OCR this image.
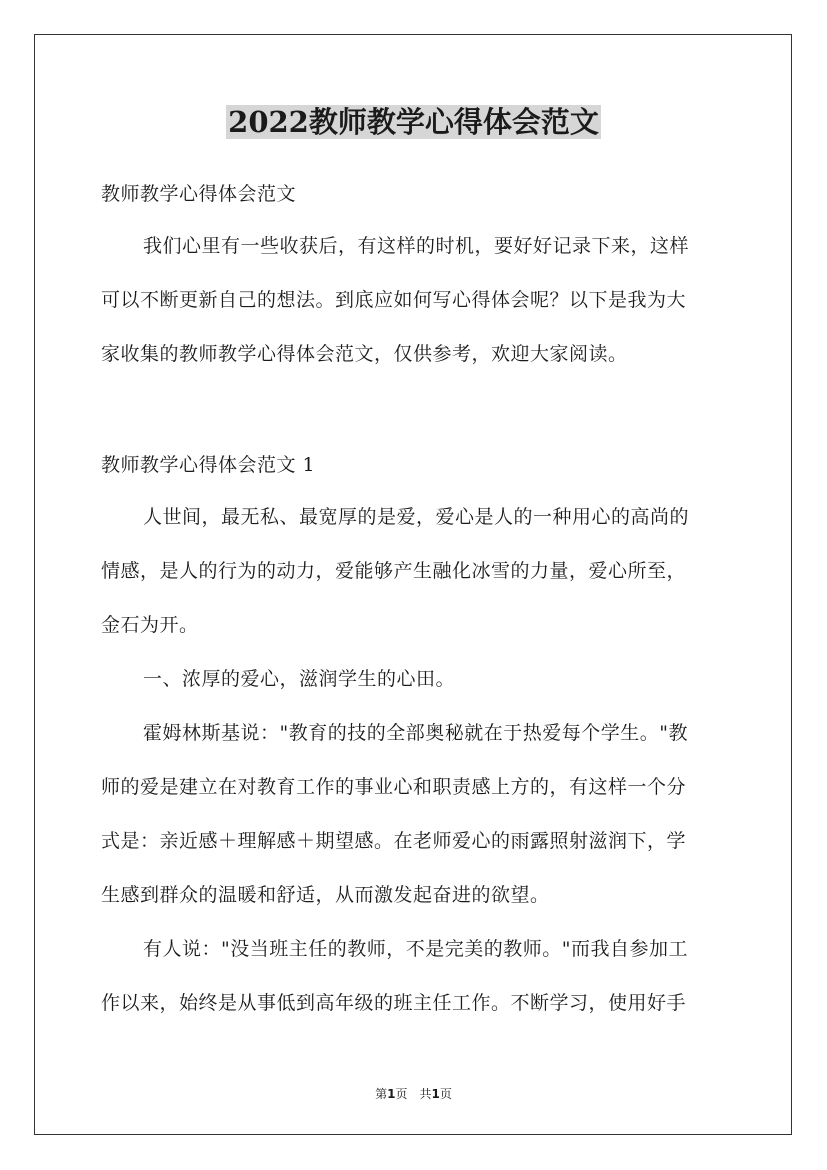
2022教师教学心得体会范文

教师教学心得体会范文

我们心里有一些收获后，有这样的时机，要好好记录下来，这样

可以不断更新自己的想法。到底应如何写心得体会呢？以下是我为大

家收集的教师教学心得体会范文，仅供参考，欢迎大家阅读。

教师教学心得体会范文 1

人世间，最无私、最宽厚的是爱，爱心是人的一种用心的高尚的

情感，是人的行为的动力，爱能够产生融化冰雪的力量，爱心所至，

金石为开。

一、浓厚的爱心，滋润学生的心田。

霍姆林斯基说："教育的技的全部奥秘就在于热爱每个学生。"教

师的爱是建立在对教育工作的事业心和职责感上方的，有这样一个分

式是：亲近感＋理解感＋期望感。在老师爱心的雨露照射滋润下，学

生感到群众的温暖和舒适，从而激发起奋进的欲望。

有人说："没当班主任的教师，不是完美的教师。"而我自参加工

作以来，始终是从事低到高年级的班主任工作。不断学习，使用好手

第1页　共1页
